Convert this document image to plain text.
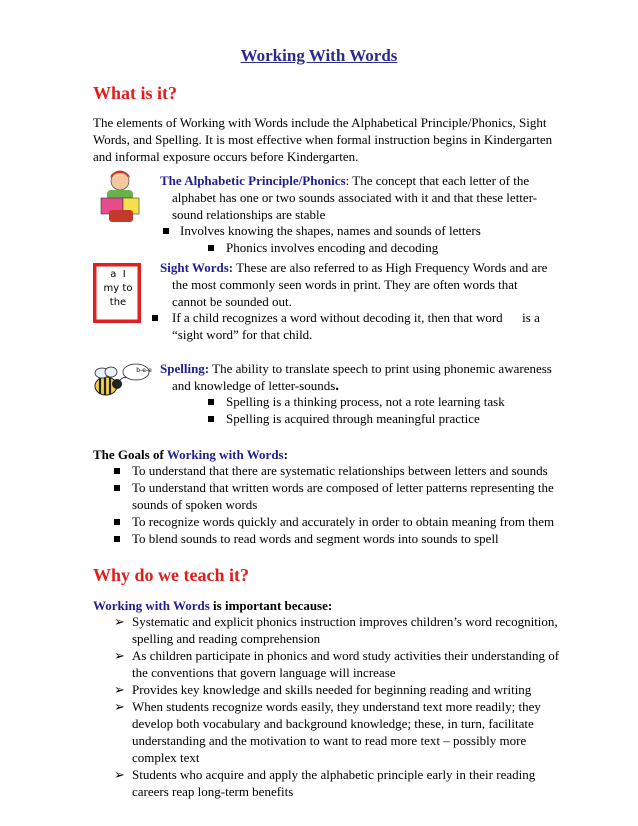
Working With Words
What is it?
The elements of Working with Words include the Alphabetical Principle/Phonics, Sight
Words, and Spelling. It is most effective when formal instruction begins in Kindergarten
and informal exposure occurs before Kindergarten.
The Alphabetic Principle/Phonics: The concept that each letter of the
alphabet has one or two sounds associated with it and that these letter-
sound relationships are stable
Involves knowing the shapes, names and sounds of letters
Phonics involves encoding and decoding
a I
my to
the
Sight Words: These are also referred to as High Frequency Words and are
the most commonly seen words in print. They are often words that
cannot be sounded out.
If a child recognizes a word without decoding it, then that word      is a
“sight word” for that child.
b-e-e Spelling: The ability to translate speech to print using phonemic awareness
and knowledge of letter-sounds.
Spelling is a thinking process, not a rote learning task
Spelling is acquired through meaningful practice
The Goals of Working with Words:
To understand that there are systematic relationships between letters and sounds
To understand that written words are composed of letter patterns representing the
sounds of spoken words
To recognize words quickly and accurately in order to obtain meaning from them
To blend sounds to read words and segment words into sounds to spell
Why do we teach it?
Working with Words is important because:
➢ Systematic and explicit phonics instruction improves children’s word recognition,
spelling and reading comprehension
➢ As children participate in phonics and word study activities their understanding of
the conventions that govern language will increase
➢ Provides key knowledge and skills needed for beginning reading and writing
➢ When students recognize words easily, they understand text more readily; they
develop both vocabulary and background knowledge; these, in turn, facilitate
understanding and the motivation to want to read more text – possibly more
complex text
➢ Students who acquire and apply the alphabetic principle early in their reading
careers reap long-term benefits
